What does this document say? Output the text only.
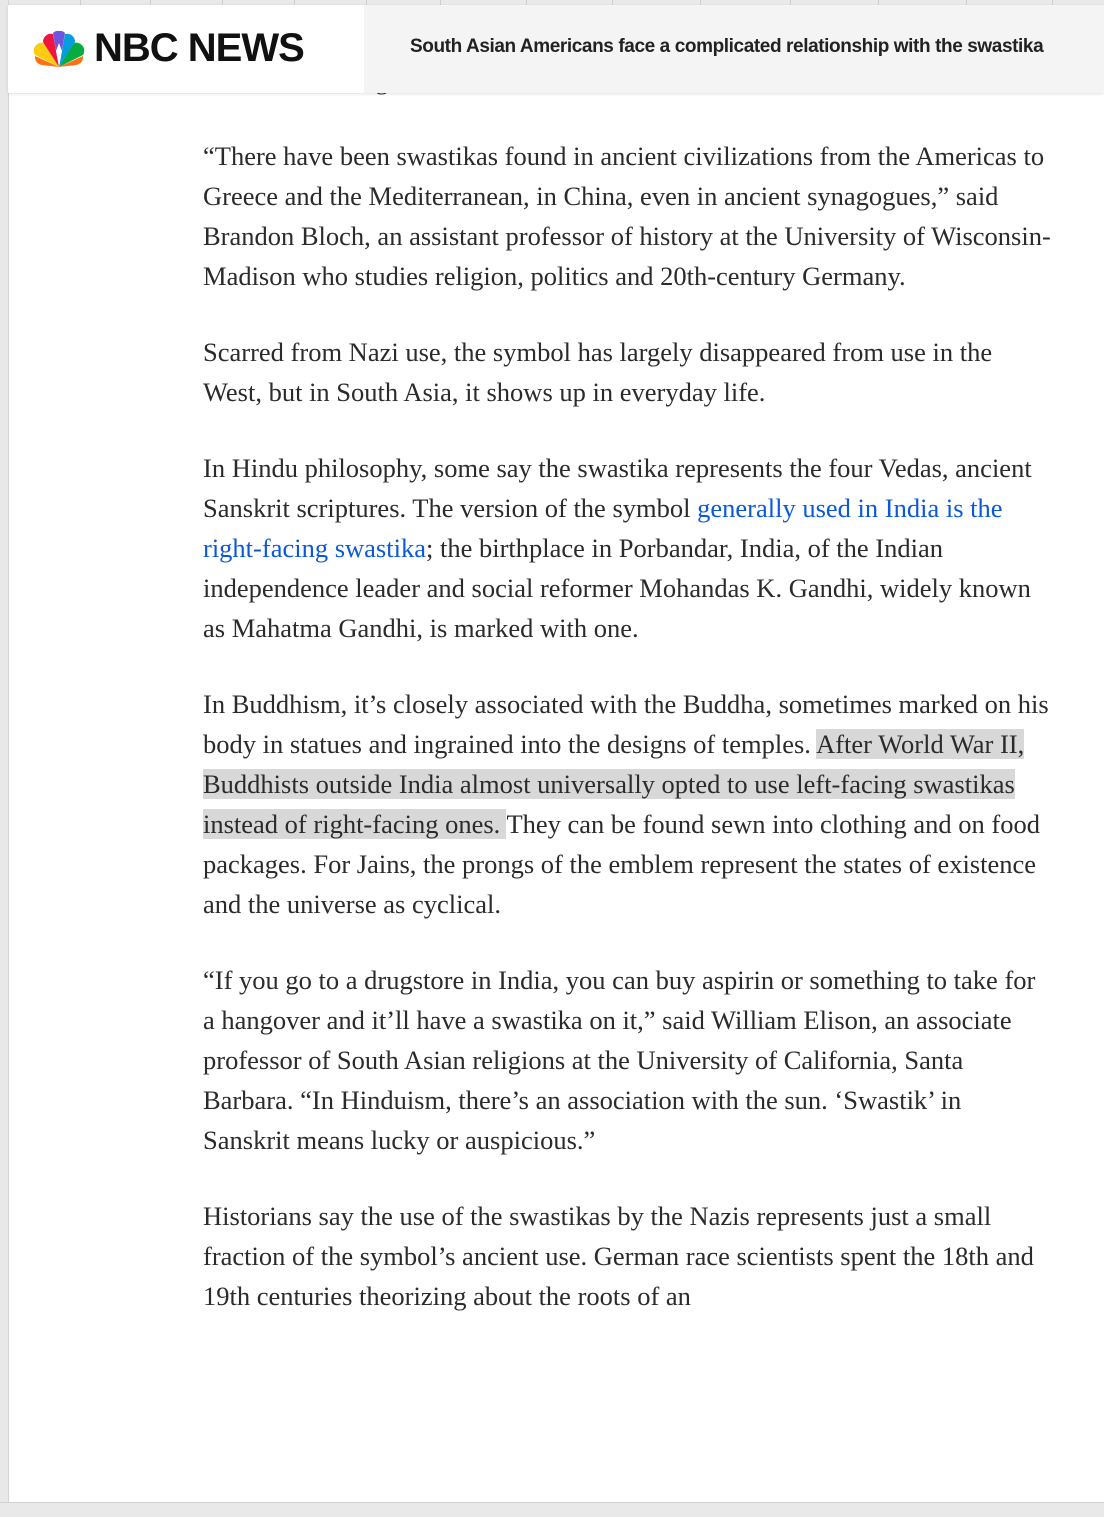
NBC NEWS	South Asian Americans face a complicated relationship with the swastika

“There have been swastikas found in ancient civilizations from the Americas to Greece and the Mediterranean, in China, even in ancient synagogues,” said Brandon Bloch, an assistant professor of history at the University of Wisconsin-Madison who studies religion, politics and 20th-century Germany.

Scarred from Nazi use, the symbol has largely disappeared from use in the West, but in South Asia, it shows up in everyday life.

In Hindu philosophy, some say the swastika represents the four Vedas, ancient Sanskrit scriptures. The version of the symbol generally used in India is the right-facing swastika; the birthplace in Porbandar, India, of the Indian independence leader and social reformer Mohandas K. Gandhi, widely known as Mahatma Gandhi, is marked with one.

In Buddhism, it’s closely associated with the Buddha, sometimes marked on his body in statues and ingrained into the designs of temples. After World War II, Buddhists outside India almost universally opted to use left-facing swastikas instead of right-facing ones. They can be found sewn into clothing and on food packages. For Jains, the prongs of the emblem represent the states of existence and the universe as cyclical.

“If you go to a drugstore in India, you can buy aspirin or something to take for a hangover and it’ll have a swastika on it,” said William Elison, an associate professor of South Asian religions at the University of California, Santa Barbara. “In Hinduism, there’s an association with the sun. ‘Swastik’ in Sanskrit means lucky or auspicious.”

Historians say the use of the swastikas by the Nazis represents just a small fraction of the symbol’s ancient use. German race scientists spent the 18th and 19th centuries theorizing about the roots of an
